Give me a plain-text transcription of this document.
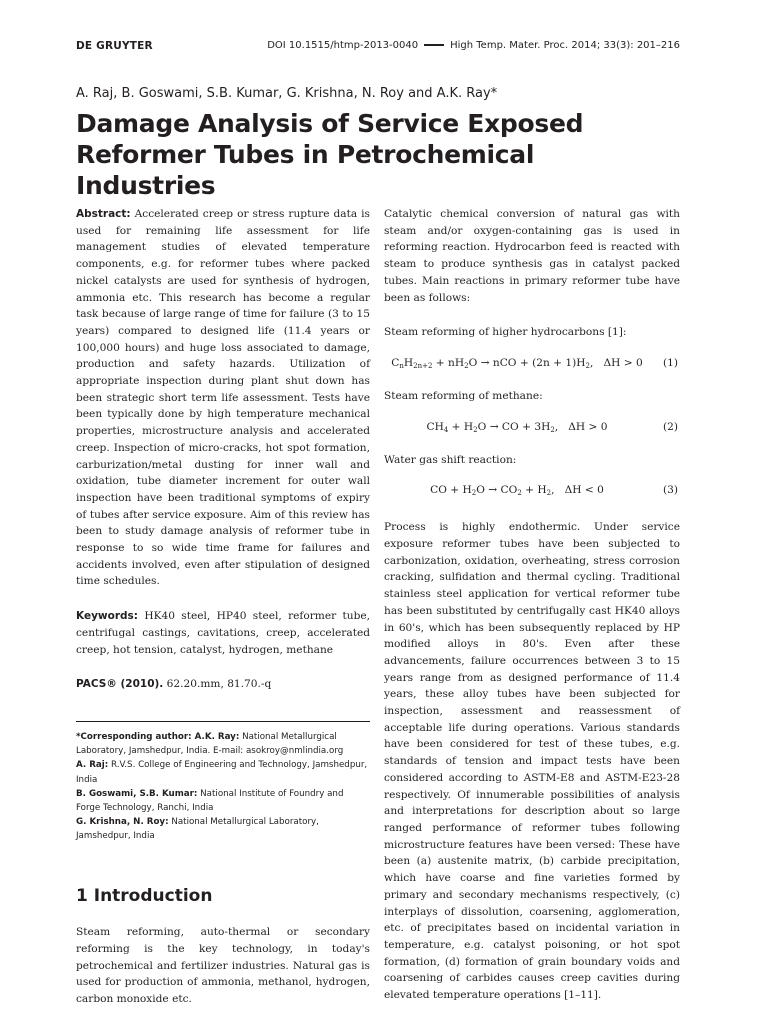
DE GRUYTER	DOI 10.1515/htmp-2013-0040	High Temp. Mater. Proc. 2014; 33(3): 201–216
A. Raj, B. Goswami, S.B. Kumar, G. Krishna, N. Roy and A.K. Ray*
Damage Analysis of Service Exposed Reformer Tubes in Petrochemical Industries

Abstract: Accelerated creep or stress rupture data is used for remaining life assessment for life management studies of elevated temperature components, e.g. for reformer tubes where packed nickel catalysts are used for synthesis of hydrogen, ammonia etc. This research has become a regular task because of large range of time for failure (3 to 15 years) compared to designed life (11.4 years or 100,000 hours) and huge loss associated to damage, production and safety hazards. Utilization of appropriate inspection during plant shut down has been strategic short term life assessment. Tests have been typically done by high temperature mechanical properties, microstructure analysis and accelerated creep. Inspection of micro-cracks, hot spot formation, carburization/metal dusting for inner wall and oxidation, tube diameter increment for outer wall inspection have been traditional symptoms of expiry of tubes after service exposure. Aim of this review has been to study damage analysis of reformer tube in response to so wide time frame for failures and accidents involved, even after stipulation of designed time schedules.

Keywords: HK40 steel, HP40 steel, reformer tube, centrifugal castings, cavitations, creep, accelerated creep, hot tension, catalyst, hydrogen, methane

PACS® (2010). 62.20.mm, 81.70.-q

*Corresponding author: A.K. Ray: National Metallurgical Laboratory, Jamshedpur, India. E-mail: asokroy@nmlindia.org
A. Raj: R.V.S. College of Engineering and Technology, Jamshedpur, India
B. Goswami, S.B. Kumar: National Institute of Foundry and Forge Technology, Ranchi, India
G. Krishna, N. Roy: National Metallurgical Laboratory, Jamshedpur, India
1 Introduction

Steam reforming, auto-thermal or secondary reforming is the key technology, in today's petrochemical and fertilizer industries. Natural gas is used for production of ammonia, methanol, hydrogen, carbon monoxide etc.

Catalytic chemical conversion of natural gas with steam and/or oxygen-containing gas is used in reforming reaction. Hydrocarbon feed is reacted with steam to produce synthesis gas in catalyst packed tubes. Main reactions in primary reformer tube have been as follows:

Steam reforming of higher hydrocarbons [1]:

$C_nH_{2n+2} + nH_2O$ → nCO + $(2n + 1)H_2$,   ΔH > 0	(1)

Steam reforming of methane:

$CH_4 + H_2O$ → CO + $3H_2$,   ΔH > 0	(2)

Water gas shift reaction:

CO + $H_2O \to CO_2 + H_2$,   ΔH < 0	(3)

Process is highly endothermic. Under service exposure reformer tubes have been subjected to carbonization, oxidation, overheating, stress corrosion cracking, sulfidation and thermal cycling. Traditional stainless steel application for vertical reformer tube has been substituted by centrifugally cast HK40 alloys in 60's, which has been subsequently replaced by HP modified alloys in 80's. Even after these advancements, failure occurrences between 3 to 15 years range from as designed performance of 11.4 years, these alloy tubes have been subjected for inspection, assessment and reassessment of acceptable life during operations. Various standards have been considered for test of these tubes, e.g. standards of tension and impact tests have been considered according to ASTM-E8 and ASTM-E23-28 respectively. Of innumerable possibilities of analysis and interpretations for description about so large ranged performance of reformer tubes following microstructure features have been versed: These have been (a) austenite matrix, (b) carbide precipitation, which have coarse and fine varieties formed by primary and secondary mechanisms respectively, (c) interplays of dissolution, coarsening, agglomeration, etc. of precipitates based on incidental variation in temperature, e.g. catalyst poisoning, or hot spot formation, (d) formation of grain boundary voids and coarsening of carbides causes creep cavities during elevated temperature operations [1–11].
